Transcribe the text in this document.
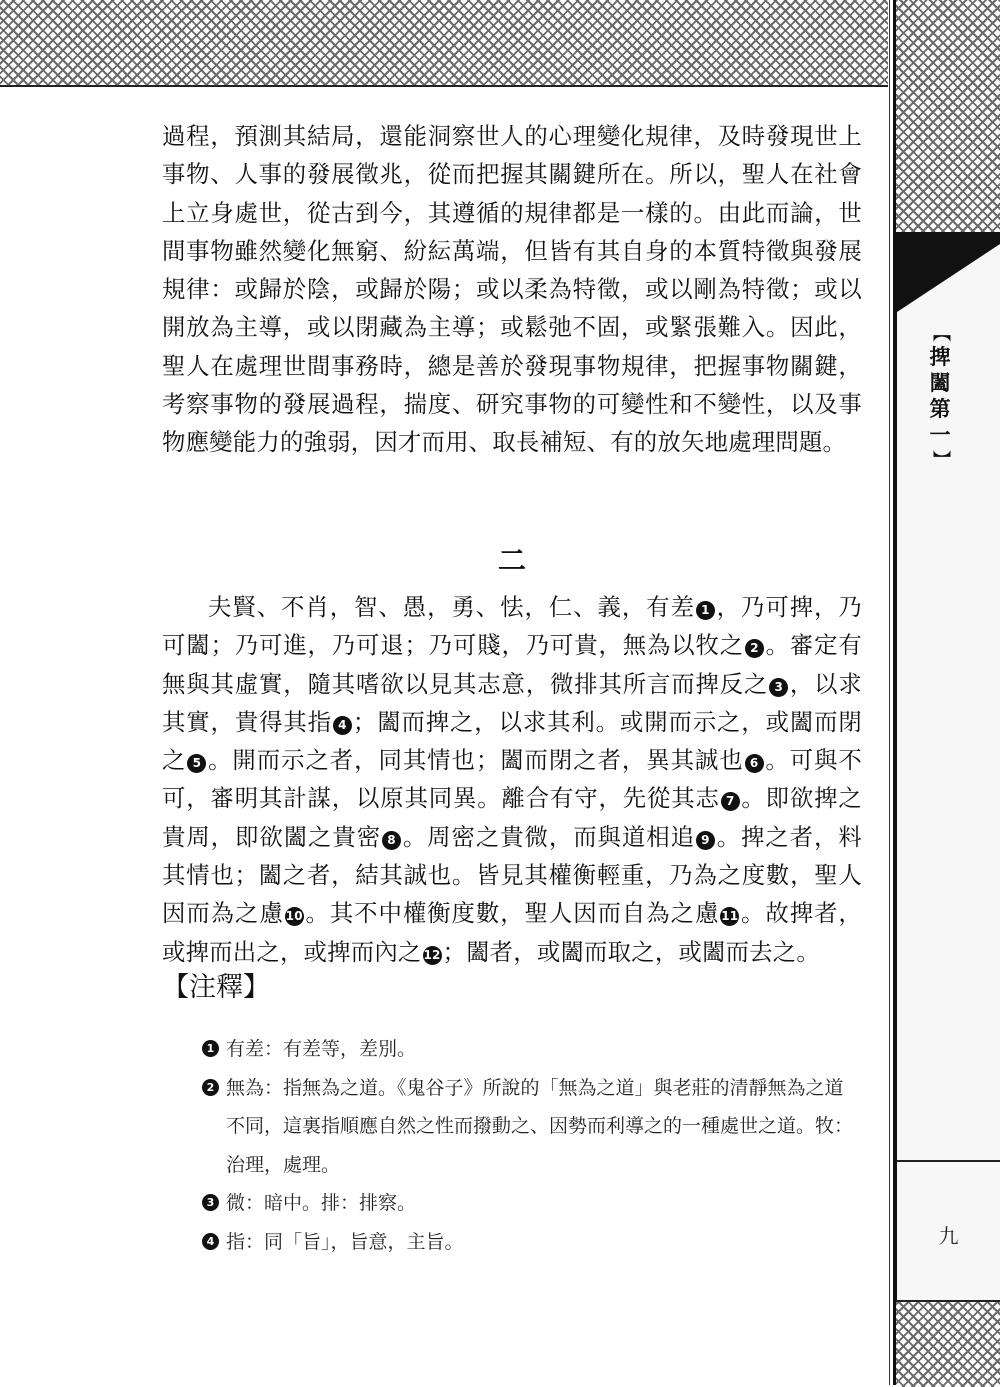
【
捭
闔
第
一
】
九

過程，預測其結局，還能洞察世人的心理變化規律，及時發現世上事物、人事的發展徵兆，從而把握其關鍵所在。所以，聖人在社會上立身處世，從古到今，其遵循的規律都是一樣的。由此而論，世間事物雖然變化無窮、紛紜萬端，但皆有其自身的本質特徵與發展規律：或歸於陰，或歸於陽；或以柔為特徵，或以剛為特徵；或以開放為主導，或以閉藏為主導；或鬆弛不固，或緊張難入。因此，聖人在處理世間事務時，總是善於發現事物規律，把握事物關鍵，考察事物的發展過程，揣度、研究事物的可變性和不變性，以及事物應變能力的強弱，因才而用、取長補短、有的放矢地處理問題。

二

夫賢、不肖，智、愚，勇、怯，仁、義，有差 1 ，乃可捭，乃可闔；乃可進，乃可退；乃可賤，乃可貴，無為以牧之 2 。審定有無與其虛實，隨其嗜欲以見其志意，微排其所言而捭反之 3 ，以求其實，貴得其指 4 ；闔而捭之，以求其利。或開而示之，或闔而閉之 5 。開而示之者，同其情也；闔而閉之者，異其誠也 6 。可與不可，審明其計謀，以原其同異。離合有守，先從其志 7 。即欲捭之貴周，即欲闔之貴密 8 。周密之貴微，而與道相追 9 。捭之者，料其情也；闔之者，結其誠也。皆見其權衡輕重，乃為之度數，聖人因而為之慮 10。其不中權衡度數，聖人因而自為之慮 11。故捭者，或捭而出之，或捭而內之 12；闔者，或闔而取之，或闔而去之。

【注釋】
1 有差：有差等，差別。
2 無為：指無為之道。《鬼谷子》所說的「無為之道」與老莊的清靜無為之道不同，這裏指順應自然之性而撥動之、因勢而利導之的一種處世之道。牧：治理，處理。
3 微：暗中。排：排察。
4 指：同「旨」，旨意，主旨。
